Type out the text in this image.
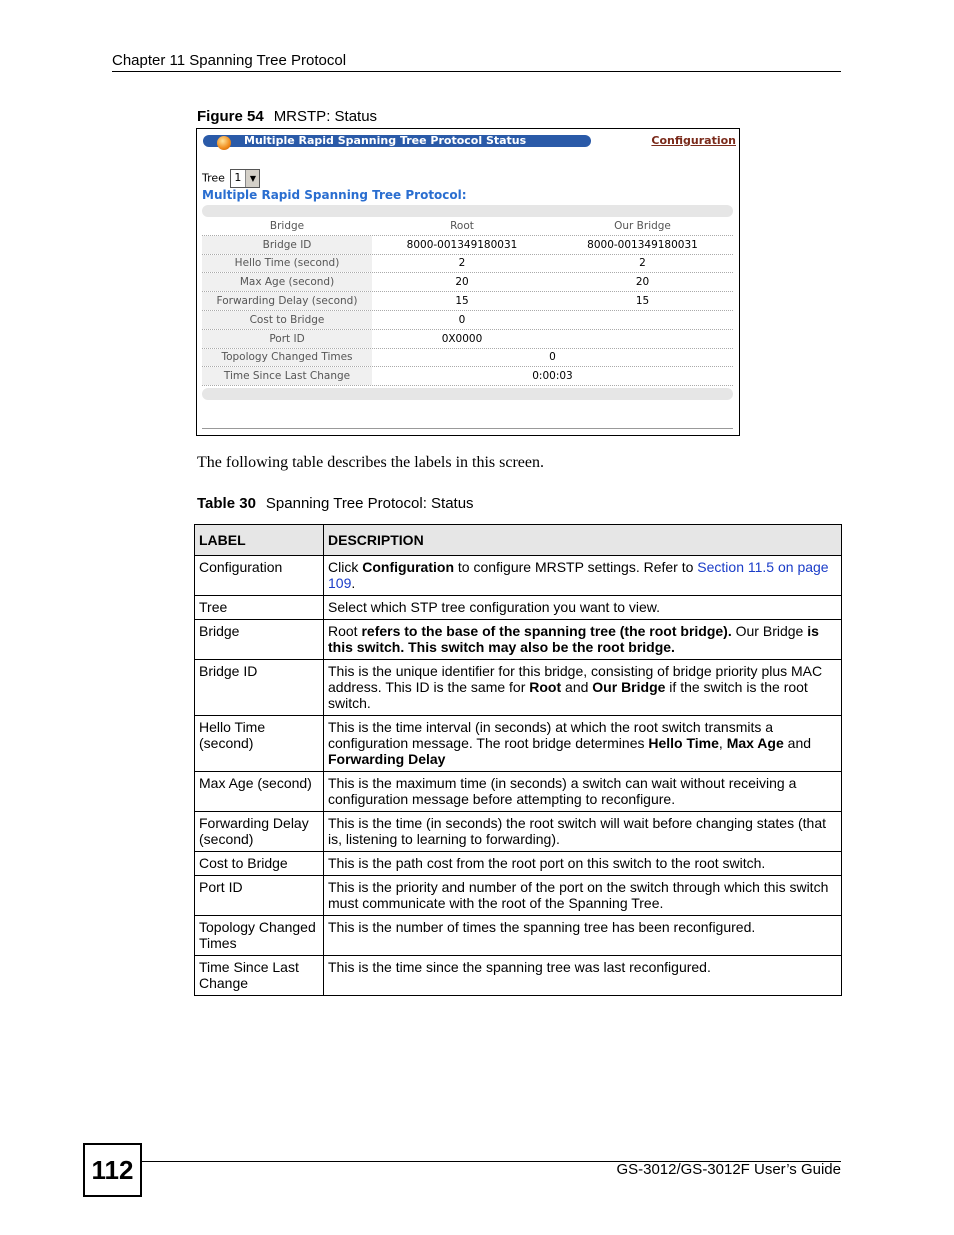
Chapter 11 Spanning Tree Protocol
Figure 54 MRSTP: Status
Multiple Rapid Spanning Tree Protocol Status	Configuration
Tree 1	▼
Multiple Rapid Spanning Tree Protocol:
Bridge	Root	Our Bridge
Bridge ID	8000-001349180031	8000-001349180031
Hello Time (second)	2	2
Max Age (second)	20	20
Forwarding Delay (second)	15	15
Cost to Bridge	0
Port ID	0X0000
Topology Changed Times	0
Time Since Last Change	0:00:03
The following table describes the labels in this screen.
Table 30 Spanning Tree Protocol: Status
LABEL	DESCRIPTION
Configuration	Click Configuration to configure MRSTP settings. Refer to Section 11.5 on page 109.
Tree	Select which STP tree configuration you want to view.
Bridge	Root refers to the base of the spanning tree (the root bridge). Our Bridge is this switch. This switch may also be the root bridge.
Bridge ID	This is the unique identifier for this bridge, consisting of bridge priority plus MAC address. This ID is the same for Root and Our Bridge if the switch is the root switch.
Hello Time (second)	This is the time interval (in seconds) at which the root switch transmits a configuration message. The root bridge determines Hello Time, Max Age and Forwarding Delay
Max Age (second)	This is the maximum time (in seconds) a switch can wait without receiving a configuration message before attempting to reconfigure.
Forwarding Delay (second)	This is the time (in seconds) the root switch will wait before changing states (that is, listening to learning to forwarding).
Cost to Bridge	This is the path cost from the root port on this switch to the root switch.
Port ID	This is the priority and number of the port on the switch through which this switch must communicate with the root of the Spanning Tree.
Topology Changed Times	This is the number of times the spanning tree has been reconfigured.
Time Since Last Change	This is the time since the spanning tree was last reconfigured.
112	GS-3012/GS-3012F User’s Guide
